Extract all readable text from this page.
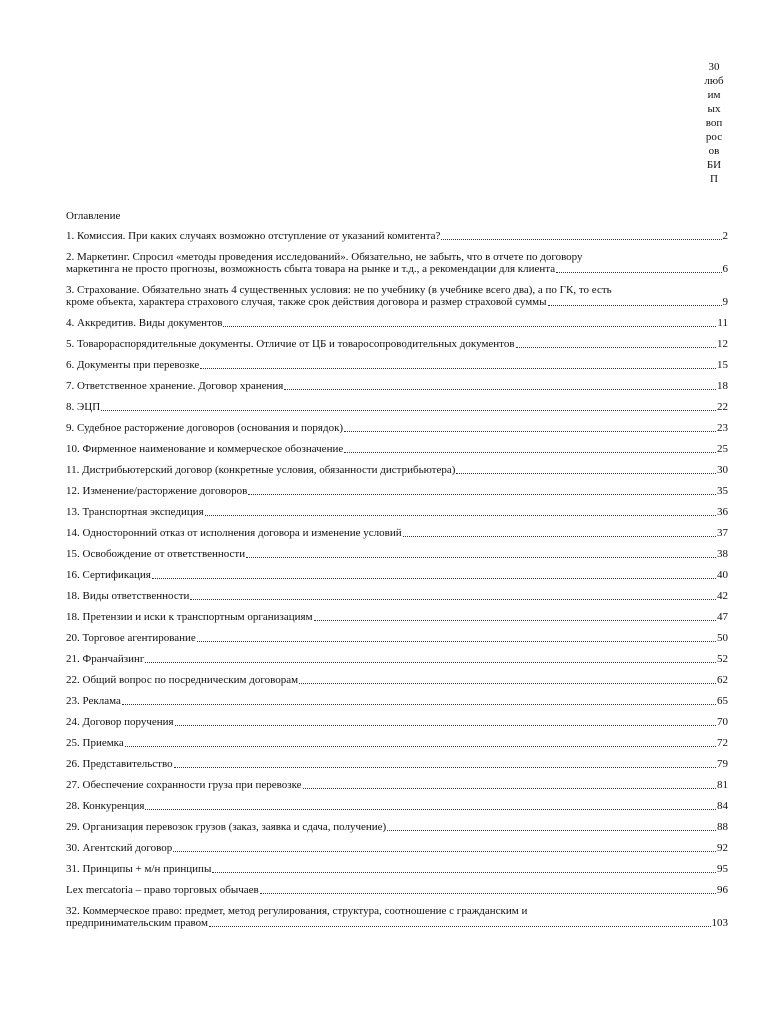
30
люб
им
ых
воп
рос
ов
БИ
П
Оглавление
1. Комиссия. При каких случаях возможно отступление от указаний комитента?	2
2. Маркетинг. Спросил «методы проведения исследований». Обязательно, не забыть, что в отчете по договору
маркетинга не просто прогнозы, возможность сбыта товара на рынке и т.д., а рекомендации для клиента	6
3. Страхование. Обязательно знать 4 существенных условия: не по учебнику (в учебнике всего два), а по ГК, то есть
кроме объекта, характера страхового случая, также срок действия договора и размер страховой суммы	9
4. Аккредитив. Виды документов	11
5. Товарораспорядительные документы. Отличие от ЦБ и товаросопроводительных документов	12
6. Документы при перевозке	15
7. Ответственное хранение. Договор хранения	18
8. ЭЦП	22
9. Судебное расторжение договоров (основания и порядок)	23
10. Фирменное наименование и коммерческое обозначение	25
11. Дистрибьютерский договор (конкретные условия, обязанности дистрибьютера)	30
12. Изменение/расторжение договоров	35
13. Транспортная экспедиция	36
14. Односторонний отказ от исполнения договора и изменение условий	37
15. Освобождение от ответственности	38
16. Сертификация	40
18. Виды ответственности	42
18. Претензии и иски к транспортным организациям	47
20. Торговое агентирование	50
21. Франчайзинг	52
22. Общий вопрос по посредническим договорам	62
23. Реклама	65
24. Договор поручения	70
25. Приемка	72
26. Представительство	79
27. Обеспечение сохранности груза при перевозке	81
28. Конкуренция	84
29. Организация перевозок грузов (заказ, заявка и сдача, получение)	88
30. Агентский договор	92
31. Принципы + м/н принципы	95
Lex mercatoria – право торговых обычаев	96
32. Коммерческое право: предмет, метод регулирования, структура, соотношение с гражданским и
предпринимательским правом	103
